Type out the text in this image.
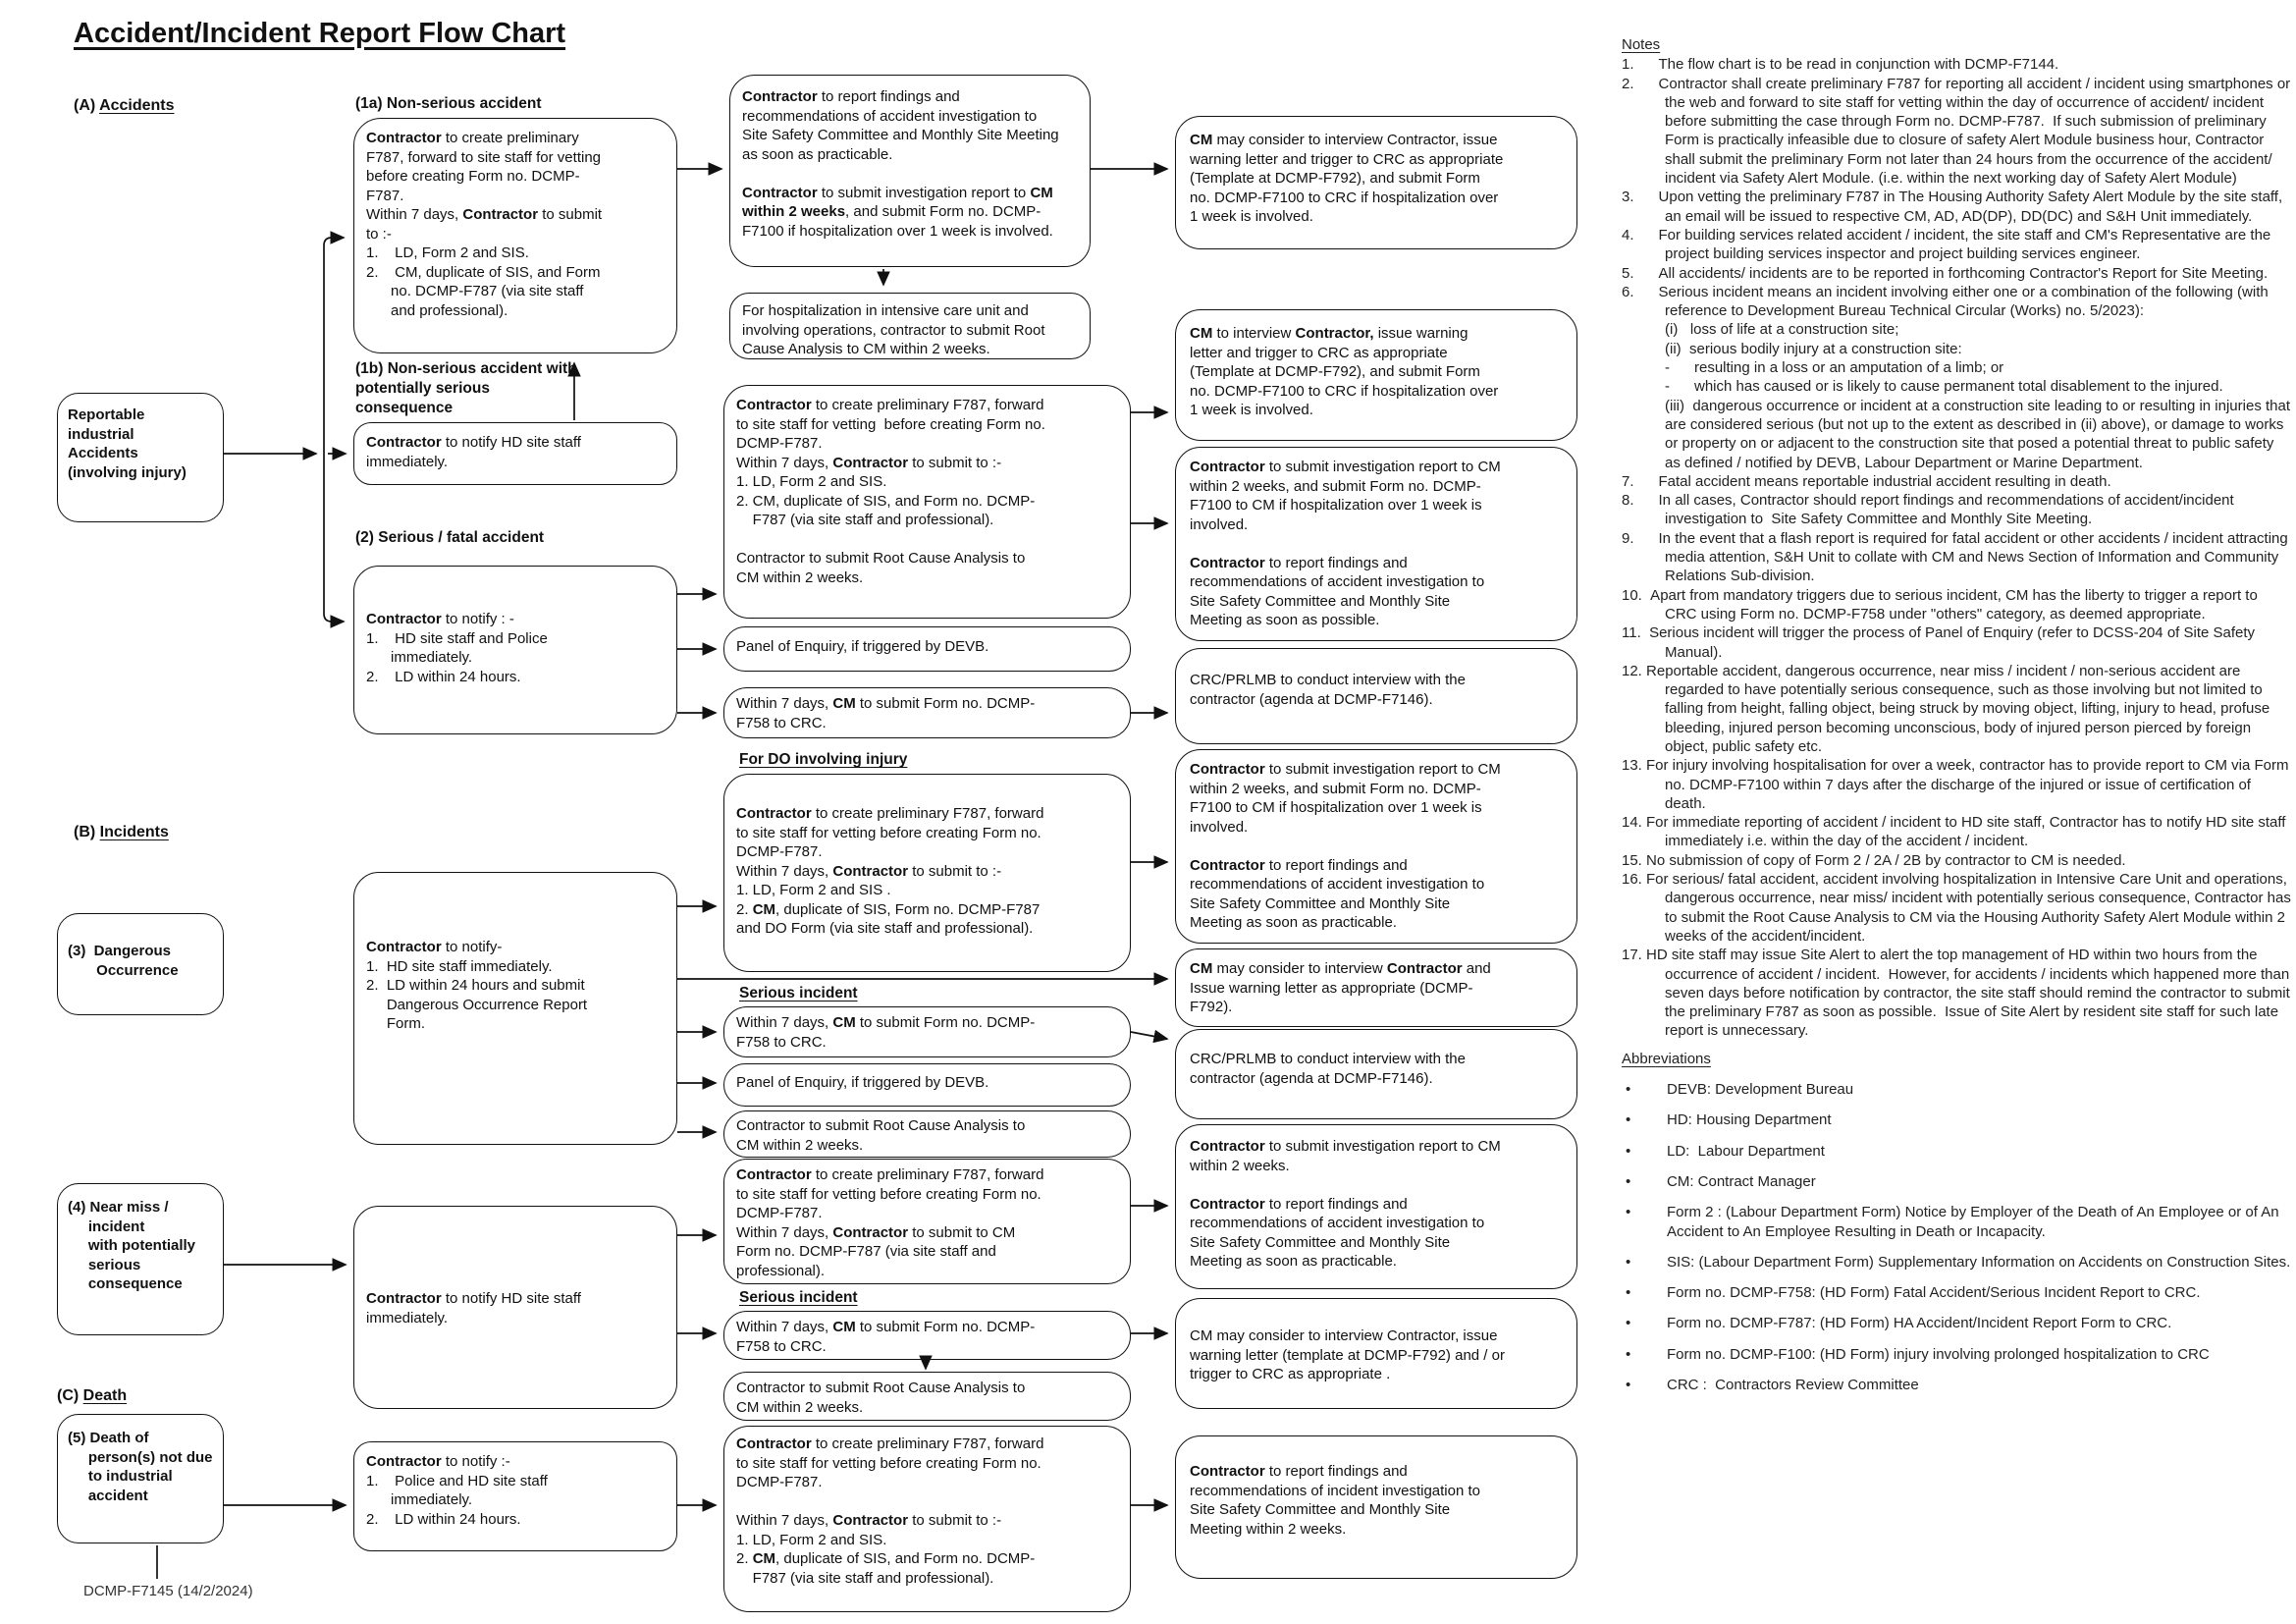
Accident/Incident Report Flow Chart
(A) Accidents
Reportable
industrial
Accidents
(involving injury)
(B) Incidents
(3)  Dangerous
Occurrence
(4) Near miss /
incident
with potentially
serious
consequence
(C) Death
(5) Death of
person(s) not due
to industrial
accident
DCMP-F7145 (14/2/2024)
(1a) Non-serious accident
Contractor to create preliminary
F787, forward to site staff for vetting
before creating Form no. DCMP-
F787.
Within 7 days, Contractor to submit
to :-
1.    LD, Form 2 and SIS.
2.    CM, duplicate of SIS, and Form
no. DCMP-F787 (via site staff
and professional).
(1b) Non-serious accident with
potentially serious
consequence
Contractor to notify HD site staff
immediately.
(2) Serious / fatal accident
Contractor to notify : -
1.    HD site staff and Police
immediately.
2.    LD within 24 hours.
Contractor to notify-
1.  HD site staff immediately.
2.  LD within 24 hours and submit
Dangerous Occurrence Report
Form.
Contractor to notify HD site staff
immediately.
Contractor to notify :-
1.    Police and HD site staff
immediately.
2.    LD within 24 hours.
Contractor to report findings and
recommendations of accident investigation to
Site Safety Committee and Monthly Site Meeting
as soon as practicable.

Contractor to submit investigation report to CM
within 2 weeks, and submit Form no. DCMP-
F7100 if hospitalization over 1 week is involved.
For hospitalization in intensive care unit and
involving operations, contractor to submit Root
Cause Analysis to CM within 2 weeks.
Contractor to create preliminary F787, forward
to site staff for vetting  before creating Form no.
DCMP-F787.
Within 7 days, Contractor to submit to :-
1. LD, Form 2 and SIS.
2. CM, duplicate of SIS, and Form no. DCMP-
F787 (via site staff and professional).

Contractor to submit Root Cause Analysis to
CM within 2 weeks.
Panel of Enquiry, if triggered by DEVB.
Within 7 days, CM to submit Form no. DCMP-
F758 to CRC.
For DO involving injury
Contractor to create preliminary F787, forward
to site staff for vetting before creating Form no.
DCMP-F787.
Within 7 days, Contractor to submit to :-
1. LD, Form 2 and SIS .
2. CM, duplicate of SIS, Form no. DCMP-F787
and DO Form (via site staff and professional).
Serious incident
Within 7 days, CM to submit Form no. DCMP-
F758 to CRC.
Panel of Enquiry, if triggered by DEVB.
Contractor to submit Root Cause Analysis to
CM within 2 weeks.
Contractor to create preliminary F787, forward
to site staff for vetting before creating Form no.
DCMP-F787.
Within 7 days, Contractor to submit to CM
Form no. DCMP-F787 (via site staff and
professional).
Serious incident
Within 7 days, CM to submit Form no. DCMP-
F758 to CRC.
Contractor to submit Root Cause Analysis to
CM within 2 weeks.
Contractor to create preliminary F787, forward
to site staff for vetting before creating Form no.
DCMP-F787.

Within 7 days, Contractor to submit to :-
1. LD, Form 2 and SIS.
2. CM, duplicate of SIS, and Form no. DCMP-
F787 (via site staff and professional).
CM may consider to interview Contractor, issue
warning letter and trigger to CRC as appropriate
(Template at DCMP-F792), and submit Form
no. DCMP-F7100 to CRC if hospitalization over
1 week is involved.
CM to interview Contractor, issue warning
letter and trigger to CRC as appropriate
(Template at DCMP-F792), and submit Form
no. DCMP-F7100 to CRC if hospitalization over
1 week is involved.
Contractor to submit investigation report to CM
within 2 weeks, and submit Form no. DCMP-
F7100 to CM if hospitalization over 1 week is
involved.

Contractor to report findings and
recommendations of accident investigation to
Site Safety Committee and Monthly Site
Meeting as soon as possible.
CRC/PRLMB to conduct interview with the
contractor (agenda at DCMP-F7146).
Contractor to submit investigation report to CM
within 2 weeks, and submit Form no. DCMP-
F7100 to CM if hospitalization over 1 week is
involved.

Contractor to report findings and
recommendations of accident investigation to
Site Safety Committee and Monthly Site
Meeting as soon as practicable.
CM may consider to interview Contractor and
Issue warning letter as appropriate (DCMP-
F792).
CRC/PRLMB to conduct interview with the
contractor (agenda at DCMP-F7146).
Contractor to submit investigation report to CM
within 2 weeks.

Contractor to report findings and
recommendations of accident investigation to
Site Safety Committee and Monthly Site
Meeting as soon as practicable.
CM may consider to interview Contractor, issue
warning letter (template at DCMP-F792) and / or
trigger to CRC as appropriate .
Contractor to report findings and
recommendations of incident investigation to
Site Safety Committee and Monthly Site
Meeting within 2 weeks.
Notes
1.      The flow chart is to be read in conjunction with DCMP-F7144.
2.      Contractor shall create preliminary F787 for reporting all accident / incident using smartphones or the web and forward to site staff for vetting within the day of occurrence of accident/ incident before submitting the case through Form no. DCMP-F787.  If such submission of preliminary Form is practically infeasible due to closure of safety Alert Module business hour, Contractor shall submit the preliminary Form not later than 24 hours from the occurrence of the accident/ incident via Safety Alert Module. (i.e. within the next working day of Safety Alert Module)
3.      Upon vetting the preliminary F787 in The Housing Authority Safety Alert Module by the site staff, an email will be issued to respective CM, AD, AD(DP), DD(DC) and S&H Unit immediately.
4.      For building services related accident / incident, the site staff and CM's Representative are the project building services inspector and project building services engineer.
5.      All accidents/ incidents are to be reported in forthcoming Contractor's Report for Site Meeting.
6.      Serious incident means an incident involving either one or a combination of the following (with reference to Development Bureau Technical Circular (Works) no. 5/2023):
(i)   loss of life at a construction site;
(ii)  serious bodily injury at a construction site:
-      resulting in a loss or an amputation of a limb; or
-      which has caused or is likely to cause permanent total disablement to the injured.
(iii)  dangerous occurrence or incident at a construction site leading to or resulting in injuries that are considered serious (but not up to the extent as described in (ii) above), or damage to works or property on or adjacent to the construction site that posed a potential threat to public safety as defined / notified by DEVB, Labour Department or Marine Department.
7.      Fatal accident means reportable industrial accident resulting in death.
8.      In all cases, Contractor should report findings and recommendations of accident/incident investigation to  Site Safety Committee and Monthly Site Meeting.
9.      In the event that a flash report is required for fatal accident or other accidents / incident attracting media attention, S&H Unit to collate with CM and News Section of Information and Community Relations Sub-division.
10.  Apart from mandatory triggers due to serious incident, CM has the liberty to trigger a report to CRC using Form no. DCMP-F758 under "others" category, as deemed appropriate.
11.  Serious incident will trigger the process of Panel of Enquiry (refer to DCSS-204 of Site Safety Manual).
12. Reportable accident, dangerous occurrence, near miss / incident / non-serious accident are regarded to have potentially serious consequence, such as those involving but not limited to falling from height, falling object, being struck by moving object, lifting, injury to head, profuse bleeding, injured person becoming unconscious, body of injured person pierced by foreign object, public safety etc.
13. For injury involving hospitalisation for over a week, contractor has to provide report to CM via Form no. DCMP-F7100 within 7 days after the discharge of the injured or issue of certification of death.
14. For immediate reporting of accident / incident to HD site staff, Contractor has to notify HD site staff immediately i.e. within the day of the accident / incident.
15. No submission of copy of Form 2 / 2A / 2B by contractor to CM is needed.
16. For serious/ fatal accident, accident involving hospitalization in Intensive Care Unit and operations, dangerous occurrence, near miss/ incident with potentially serious consequence, Contractor has to submit the Root Cause Analysis to CM via the Housing Authority Safety Alert Module within 2 weeks of the accident/incident.
17. HD site staff may issue Site Alert to alert the top management of HD within two hours from the occurrence of accident / incident.  However, for accidents / incidents which happened more than seven days before notification by contractor, the site staff should remind the contractor to submit the preliminary F787 as soon as possible.  Issue of Site Alert by resident site staff for such late report is unnecessary.
Abbreviations
• DEVB: Development Bureau
• HD: Housing Department
• LD:  Labour Department
• CM: Contract Manager
• Form 2 : (Labour Department Form) Notice by Employer of the Death of An Employee or of An Accident to An Employee Resulting in Death or Incapacity.
• SIS: (Labour Department Form) Supplementary Information on Accidents on Construction Sites.
• Form no. DCMP-F758: (HD Form) Fatal Accident/Serious Incident Report to CRC.
• Form no. DCMP-F787: (HD Form) HA Accident/Incident Report Form to CRC.
• Form no. DCMP-F100: (HD Form) injury involving prolonged hospitalization to CRC
• CRC :  Contractors Review Committee
